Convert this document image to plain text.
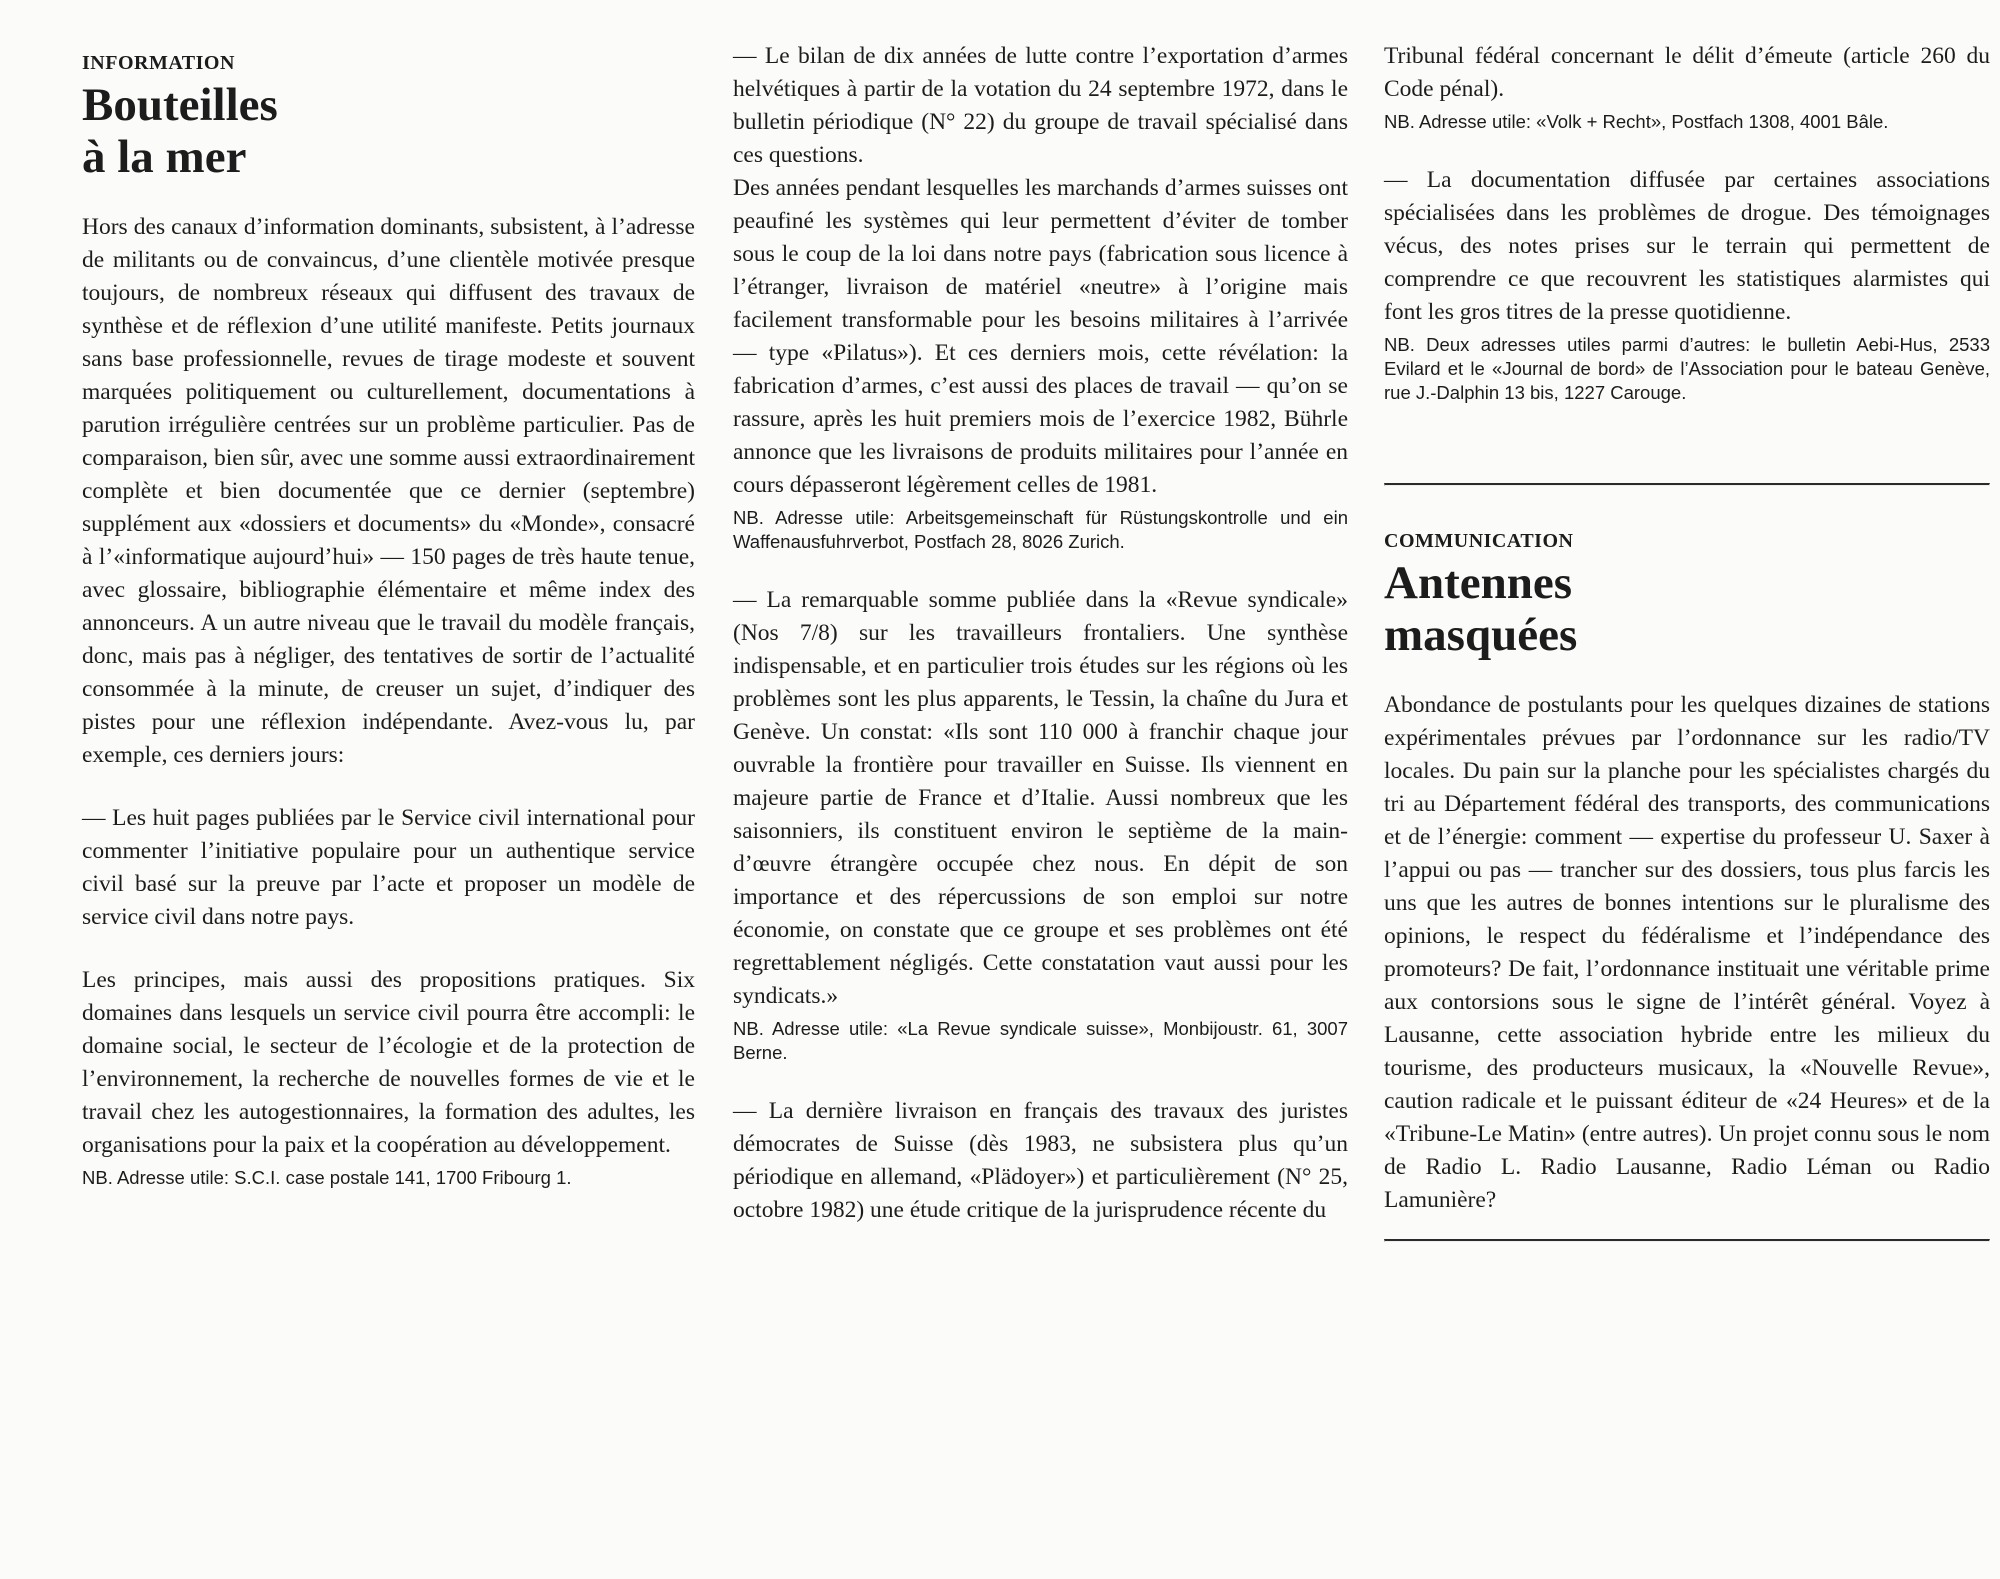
INFORMATION
Bouteilles
à la mer

Hors des canaux d’information dominants, subsistent, à l’adresse de militants ou de convaincus, d’une clientèle motivée presque toujours, de nombreux réseaux qui diffusent des travaux de synthèse et de réflexion d’une utilité manifeste. Petits journaux sans base professionnelle, revues de tirage modeste et souvent marquées politiquement ou culturellement, documentations à parution irrégulière centrées sur un problème particulier. Pas de comparaison, bien sûr, avec une somme aussi extraordinairement complète et bien documentée que ce dernier (septembre) supplément aux «dossiers et documents» du «Monde», consacré à l’«informatique aujourd’hui» — 150 pages de très haute tenue, avec glossaire, bibliographie élémentaire et même index des annonceurs. A un autre niveau que le travail du modèle français, donc, mais pas à négliger, des tentatives de sortir de l’actualité consommée à la minute, de creuser un sujet, d’indiquer des pistes pour une réflexion indépendante. Avez-vous lu, par exemple, ces derniers jours:

— Les huit pages publiées par le Service civil international pour commenter l’initiative populaire pour un authentique service civil basé sur la preuve par l’acte et proposer un modèle de service civil dans notre pays.

Les principes, mais aussi des propositions pratiques. Six domaines dans lesquels un service civil pourra être accompli: le domaine social, le secteur de l’écologie et de la protection de l’environnement, la recherche de nouvelles formes de vie et le travail chez les autogestionnaires, la formation des adultes, les organisations pour la paix et la coopération au développement.

NB. Adresse utile: S.C.I. case postale 141, 1700 Fribourg 1.

— Le bilan de dix années de lutte contre l’exportation d’armes helvétiques à partir de la votation du 24 septembre 1972, dans le bulletin périodique (N° 22) du groupe de travail spécialisé dans ces questions.

Des années pendant lesquelles les marchands d’armes suisses ont peaufiné les systèmes qui leur permettent d’éviter de tomber sous le coup de la loi dans notre pays (fabrication sous licence à l’étranger, livraison de matériel «neutre» à l’origine mais facilement transformable pour les besoins militaires à l’arrivée — type «Pilatus»). Et ces derniers mois, cette révélation: la fabrication d’armes, c’est aussi des places de travail — qu’on se rassure, après les huit premiers mois de l’exercice 1982, Bührle annonce que les livraisons de produits militaires pour l’année en cours dépasseront légèrement celles de 1981.

NB. Adresse utile: Arbeitsgemeinschaft für Rüstungskontrolle und ein Waffenausfuhrverbot, Postfach 28, 8026 Zurich.

— La remarquable somme publiée dans la «Revue syndicale» (Nos 7/8) sur les travailleurs frontaliers. Une synthèse indispensable, et en particulier trois études sur les régions où les problèmes sont les plus apparents, le Tessin, la chaîne du Jura et Genève. Un constat: «Ils sont 110 000 à franchir chaque jour ouvrable la frontière pour travailler en Suisse. Ils viennent en majeure partie de France et d’Italie. Aussi nombreux que les saisonniers, ils constituent environ le septième de la main-d’œuvre étrangère occupée chez nous. En dépit de son importance et des répercussions de son emploi sur notre économie, on constate que ce groupe et ses problèmes ont été regrettablement négligés. Cette constatation vaut aussi pour les syndicats.»

NB. Adresse utile: «La Revue syndicale suisse», Monbijoustr. 61, 3007 Berne.

— La dernière livraison en français des travaux des juristes démocrates de Suisse (dès 1983, ne subsistera plus qu’un périodique en allemand, «Plädoyer») et particulièrement (N° 25, octobre 1982) une étude critique de la jurisprudence récente du

Tribunal fédéral concernant le délit d’émeute (article 260 du Code pénal).

NB. Adresse utile: «Volk + Recht», Postfach 1308, 4001 Bâle.

— La documentation diffusée par certaines associations spécialisées dans les problèmes de drogue. Des témoignages vécus, des notes prises sur le terrain qui permettent de comprendre ce que recouvrent les statistiques alarmistes qui font les gros titres de la presse quotidienne.

NB. Deux adresses utiles parmi d’autres: le bulletin Aebi-Hus, 2533 Evilard et le «Journal de bord» de l’Association pour le bateau Genève, rue J.-Dalphin 13 bis, 1227 Carouge.

COMMUNICATION
Antennes
masquées

Abondance de postulants pour les quelques dizaines de stations expérimentales prévues par l’ordonnance sur les radio/TV locales. Du pain sur la planche pour les spécialistes chargés du tri au Département fédéral des transports, des communications et de l’énergie: comment — expertise du professeur U. Saxer à l’appui ou pas — trancher sur des dossiers, tous plus farcis les uns que les autres de bonnes intentions sur le pluralisme des opinions, le respect du fédéralisme et l’indépendance des promoteurs? De fait, l’ordonnance instituait une véritable prime aux contorsions sous le signe de l’intérêt général. Voyez à Lausanne, cette association hybride entre les milieux du tourisme, des producteurs musicaux, la «Nouvelle Revue», caution radicale et le puissant éditeur de «24 Heures» et de la «Tribune-Le Matin» (entre autres). Un projet connu sous le nom de Radio L. Radio Lausanne, Radio Léman ou Radio Lamunière?
